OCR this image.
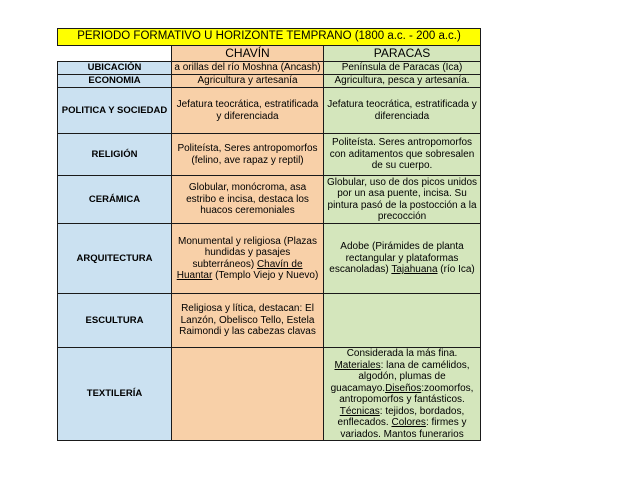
PERIODO FORMATIVO U HORIZONTE TEMPRANO (1800 a.c. - 200 a.c.)		
	CHAVÍN	PARACAS
UBICACIÓN	a orillas del río Moshna (Ancash)	Península de Paracas (Ica)
ECONOMIA	Agricultura y artesanía	Agricultura, pesca y artesanía.
POLITICA Y SOCIEDAD	Jefatura teocrática, estratificada y diferenciada	Jefatura teocrática, estratificada y diferenciada
RELIGIÓN	Politeísta, Seres antropomorfos (felino, ave rapaz y reptil)	Politeísta. Seres antropomorfos con aditamentos que sobresalen de su cuerpo.
CERÁMICA	Globular, monócroma, asa estribo e incisa, destaca los huacos ceremoniales	Globular, uso de dos picos unidos por un asa puente, incisa. Su pintura pasó de la postocción a la precocción
ARQUITECTURA	Monumental y religiosa (Plazas hundidas y pasajes subterráneos) Chavín de Huantar (Templo Viejo y Nuevo)	Adobe (Pirámides de planta rectangular y plataformas escanoladas) Tajahuana (río Ica)
ESCULTURA	Religiosa y lítica, destacan: El Lanzón, Obelisco Tello, Estela Raimondi y las cabezas clavas	
TEXTILERÍA		Considerada la más fina.
Materiales: lana de camélidos, algodón, plumas de guacamayo.Diseños:zoomorfos, antropomorfos y fantásticos. Técnicas: tejidos, bordados, enflecados. Colores: firmes y variados. Mantos funerarios
